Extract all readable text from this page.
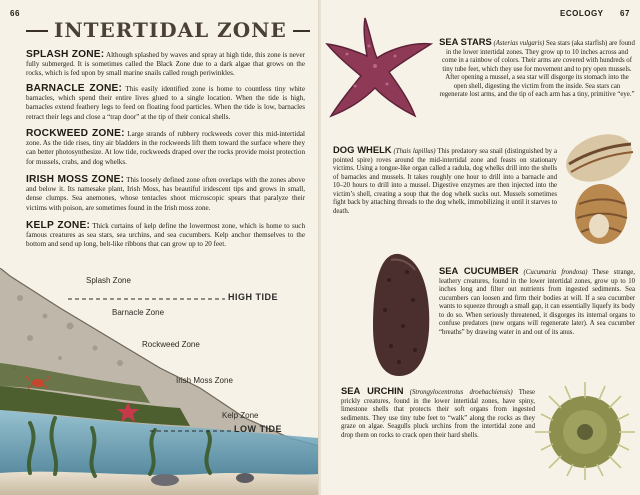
66
INTERTIDAL ZONE
SPLASH ZONE: Although splashed by waves and spray at high tide, this zone is never fully submerged. It is sometimes called the Black Zone due to a dark algae that grows on the rocks, which is fed upon by small marine snails called rough periwinkles.
BARNACLE ZONE: This easily identified zone is home to countless tiny white barnacles, which spend their entire lives glued to a single location. When the tide is high, barnacles extend feathery legs to feed on floating food particles. When the tide is low, barnacles retract their legs and close a “trap door” at the tip of their conical shells.
ROCKWEED ZONE: Large strands of rubbery rockweeds cover this mid-intertidal zone. As the tide rises, tiny air bladders in the rockweeds lift them toward the surface where they can better photosynthesize. At low tide, rockweeds draped over the rocks provide moist protection for mussels, crabs, and dog whelks.
IRISH MOSS ZONE: This loosely defined zone often overlaps with the zones above and below it. Its namesake plant, Irish Moss, has beautiful iridescent tips and grows in small, dense clumps. Sea anemones, whose tentacles shoot microscopic spears that paralyze their victims with poison, are sometimes found in the Irish moss zone.
KELP ZONE: Thick curtains of kelp define the lowermost zone, which is home to such famous creatures as sea stars, sea urchins, and sea cucumbers. Kelp anchor themselves to the bottom and send up long, belt-like ribbons that can grow up to 20 feet.
Splash Zone
HIGH TIDE
Barnacle Zone
Rockweed Zone
Irish Moss Zone
Kelp Zone
LOW TIDE
ECOLOGY 67
SEA STARS (Asterias vulgaris) Sea stars (aka starfish) are found in the lower intertidal zones. They grow up to 10 inches across and come in a rainbow of colors. Their arms are covered with hundreds of tiny tube feet, which they use for movement and to pry open mussels. After opening a mussel, a sea star will disgorge its stomach into the open shell, digesting the victim from the inside. Sea stars can regenerate lost arms, and the tip of each arm has a tiny, primitive “eye.”
DOG WHELK (Thais lapillus) This predatory sea snail (distinguished by a pointed spire) roves around the mid-intertidal zone and feasts on stationary victims. Using a tongue-like organ called a radula, dog whelks drill into the shells of barnacles and mussels. It takes roughly one hour to drill into a barnacle and 10–20 hours to drill into a mussel. Digestive enzymes are then injected into the victim’s shell, creating a soup that the dog whelk sucks out. Mussels sometimes fight back by attaching threads to the dog whelk, immobilizing it until it starves to death.
SEA CUCUMBER (Cucumaria frondosa) These strange, leathery creatures, found in the lower intertidal zones, grow up to 10 inches long and filter out nutrients from ingested sediments. Sea cucumbers can loosen and firm their bodies at will. If a sea cucumber wants to squeeze through a small gap, it can essentially liquefy its body to do so. When seriously threatened, it disgorges its internal organs to confuse predators (new organs will regenerate later). A sea cucumber “breaths” by drawing water in and out of its anus.
SEA URCHIN (Strongylocentrotus droebachiensis) These prickly creatures, found in the lower intertidal zones, have spiny, limestone shells that protects their soft organs from ingested sediments. They use tiny tube feet to “walk” along the rocks as they graze on algae. Seagulls pluck urchins from the intertidal zone and drop them on rocks to crack open their hard shells.
